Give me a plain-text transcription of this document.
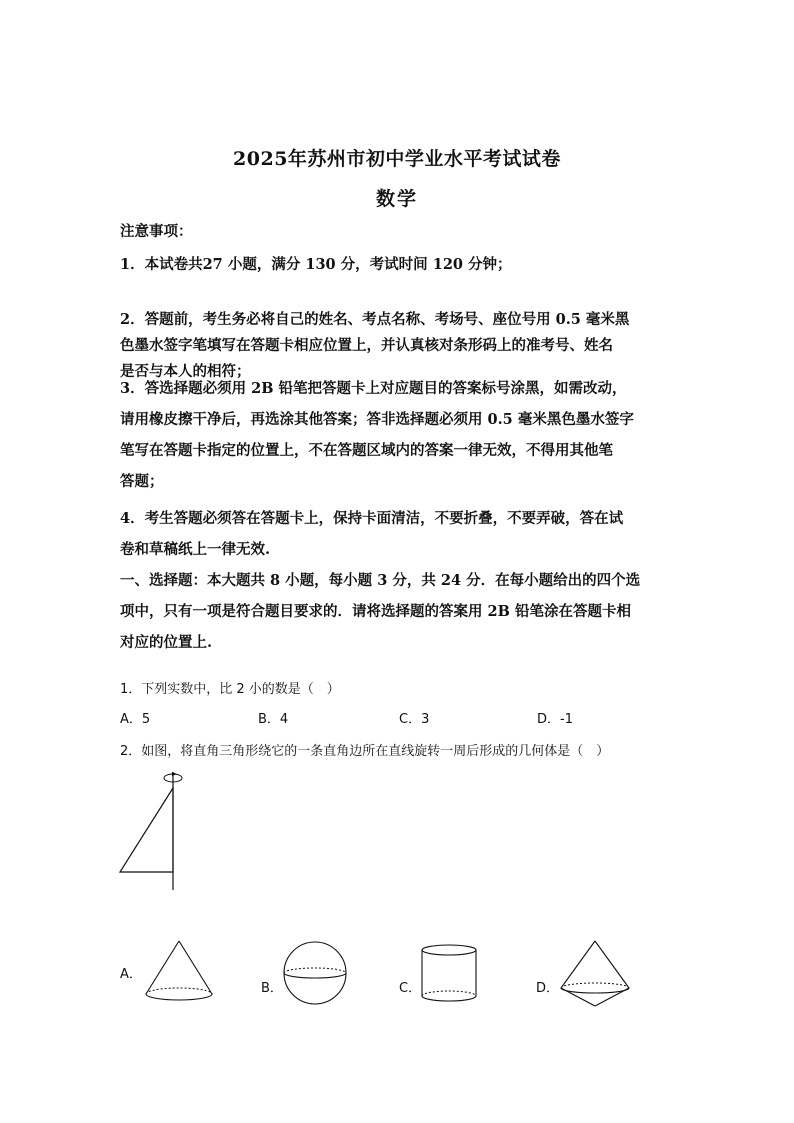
2025年苏州市初中学业水平考试试卷
数学
注意事项：
1．本试卷共27 小题，满分 130 分，考试时间 120 分钟；
2．答题前，考生务必将自己的姓名、考点名称、考场号、座位号用 0.5 毫米黑
色墨水签字笔填写在答题卡相应位置上，并认真核对条形码上的准考号、姓名
是否与本人的相符；
3．答选择题必须用 2B 铅笔把答题卡上对应题目的答案标号涂黑，如需改动，
请用橡皮擦干净后，再选涂其他答案；答非选择题必须用 0.5 毫米黑色墨水签字
笔写在答题卡指定的位置上，不在答题区域内的答案一律无效，不得用其他笔
答题；
4．考生答题必须答在答题卡上，保持卡面清洁，不要折叠，不要弄破，答在试
卷和草稿纸上一律无效.
一、选择题：本大题共 8 小题，每小题 3 分，共 24 分．在每小题给出的四个选
项中，只有一项是符合题目要求的．请将选择题的答案用 2B 铅笔涂在答题卡相
对应的位置上.
1．下列实数中，比 2 小的数是（　）
A．5	B．4	C．3	D．-1
2．如图，将直角三角形绕它的一条直角边所在直线旋转一周后形成的几何体是（　）
A．
B．	C．	D．
